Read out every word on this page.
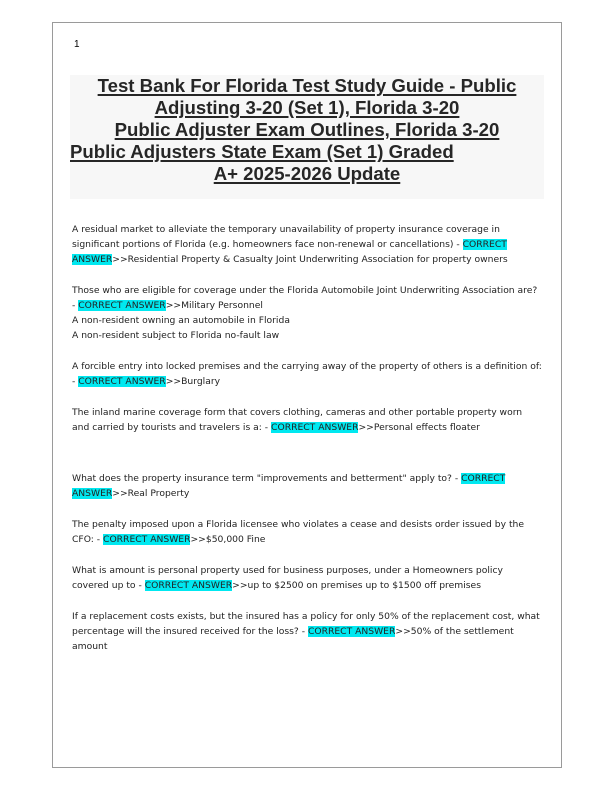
1
Test Bank For Florida Test Study Guide - Public
Adjusting 3-20 (Set 1), Florida 3-20
Public Adjuster Exam Outlines, Florida 3-20
Public Adjusters State Exam (Set 1) Graded
A+ 2025-2026 Update

A residual market to alleviate the temporary unavailability of property insurance coverage in significant portions of Florida (e.g. homeowners face non-renewal or cancellations) - CORRECT
ANSWER>>Residential Property & Casualty Joint Underwriting Association for property owners

Those who are eligible for coverage under the Florida Automobile Joint Underwriting Association are? - CORRECT ANSWER>>Military Personnel

A non-resident owning an automobile in Florida

A non-resident subject to Florida no-fault law

A forcible entry into locked premises and the carrying away of the property of others is a definition of: - CORRECT ANSWER>>Burglary

The inland marine coverage form that covers clothing, cameras and other portable property worn and carried by tourists and travelers is a: - CORRECT ANSWER>>Personal effects floater

What does the property insurance term "improvements and betterment" apply to? - CORRECT
ANSWER>>Real Property

The penalty imposed upon a Florida licensee who violates a cease and desists order issued by the CFO: - CORRECT ANSWER>>$50,000 Fine

What is amount is personal property used for business purposes, under a Homeowners policy covered up to - CORRECT ANSWER>>up to $2500 on premises up to $1500 off premises

If a replacement costs exists, but the insured has a policy for only 50% of the replacement cost, what percentage will the insured received for the loss? - CORRECT ANSWER>>50% of the settlement amount
